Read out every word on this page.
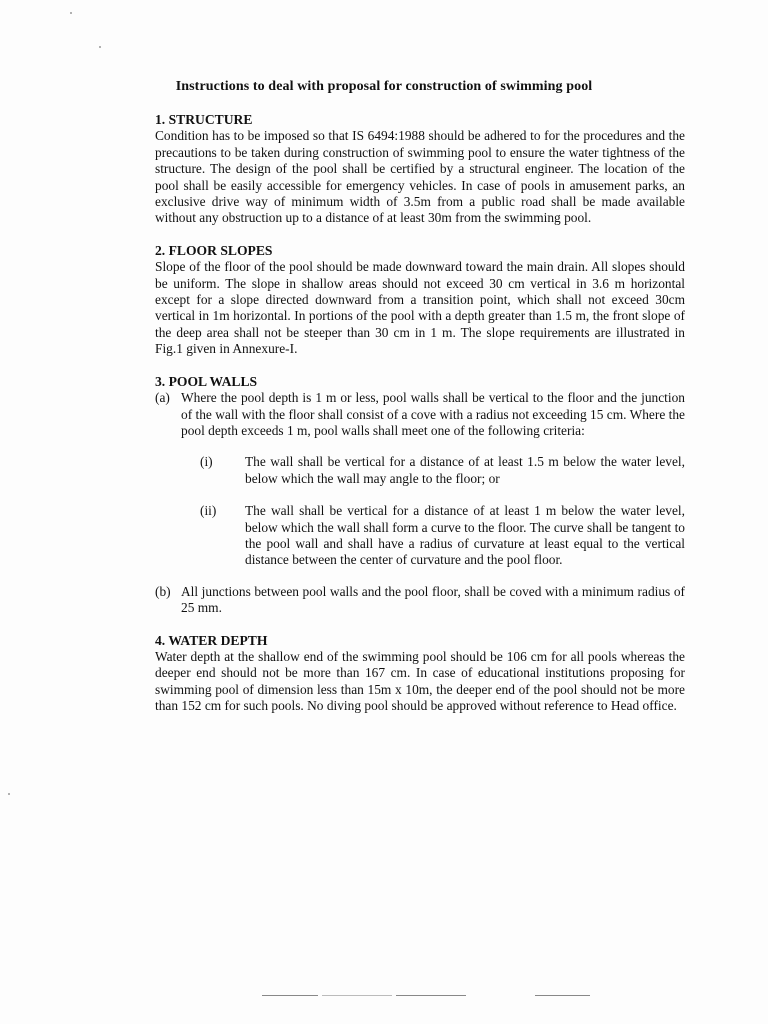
Instructions to deal with proposal for construction of swimming pool

1. STRUCTURE

Condition has to be imposed so that IS 6494:1988 should be adhered to for the procedures and the precautions to be taken during construction of swimming pool to ensure the water tightness of the structure. The design of the pool shall be certified by a structural engineer. The location of the pool shall be easily accessible for emergency vehicles. In case of pools in amusement parks, an exclusive drive way of minimum width of 3.5m from a public road shall be made available without any obstruction up to a distance of at least 30m from the swimming pool.

2. FLOOR SLOPES

Slope of the floor of the pool should be made downward toward the main drain. All slopes should be uniform. The slope in shallow areas should not exceed 30 cm vertical in 3.6 m horizontal except for a slope directed downward from a transition point, which shall not exceed 30cm vertical in 1m horizontal. In portions of the pool with a depth greater than 1.5 m, the front slope of the deep area shall not be steeper than 30 cm in 1 m. The slope requirements are illustrated in Fig.1 given in Annexure-I.

3. POOL WALLS

(a) Where the pool depth is 1 m or less, pool walls shall be vertical to the floor and the junction of the wall with the floor shall consist of a cove with a radius not exceeding 15 cm. Where the pool depth exceeds 1 m, pool walls shall meet one of the following criteria:
(i)	The wall shall be vertical for a distance of at least 1.5 m below the water level, below which the wall may angle to the floor; or
(ii)	The wall shall be vertical for a distance of at least 1 m below the water level, below which the wall shall form a curve to the floor. The curve shall be tangent to the pool wall and shall have a radius of curvature at least equal to the vertical distance between the center of curvature and the pool floor.
(b) All junctions between pool walls and the pool floor, shall be coved with a minimum radius of 25 mm.

4. WATER DEPTH

Water depth at the shallow end of the swimming pool should be 106 cm for all pools whereas the deeper end should not be more than 167 cm. In case of educational institutions proposing for swimming pool of dimension less than 15m x 10m, the deeper end of the pool should not be more than 152 cm for such pools. No diving pool should be approved without reference to Head office.
